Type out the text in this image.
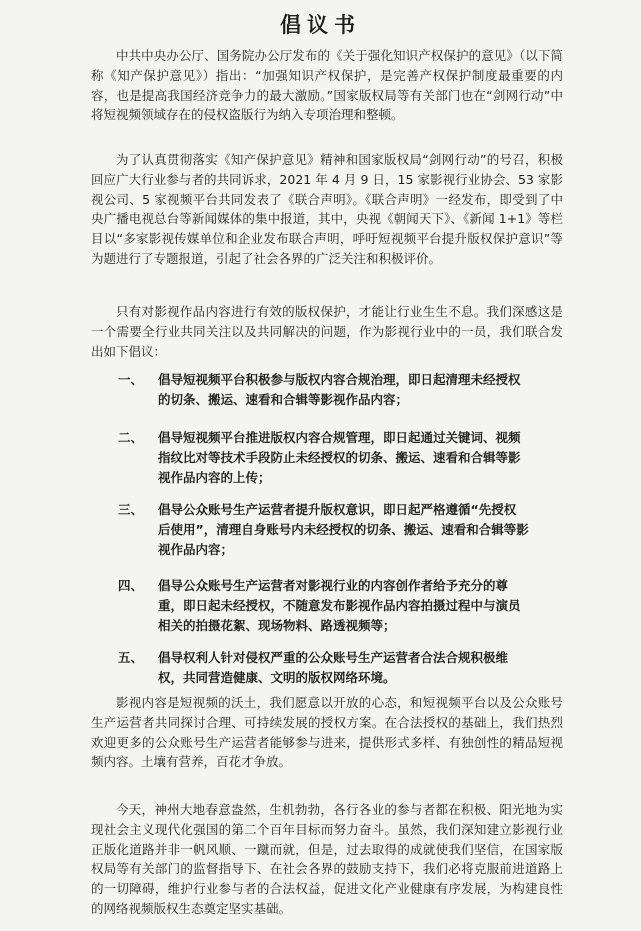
倡议书
中共中央办公厅、国务院办公厅发布的《关于强化知识产权保护的意见》（以下简称《知产保护意见》）指出：“加强知识产权保护，是完善产权保护制度最重要的内容，也是提高我国经济竞争力的最大激励。”国家版权局等有关部门也在“剑网行动”中将短视频领域存在的侵权盗版行为纳入专项治理和整顿。
为了认真贯彻落实《知产保护意见》精神和国家版权局“剑网行动”的号召，积极回应广大行业参与者的共同诉求，2021 年 4 月 9 日，15 家影视行业协会、53 家影视公司、5 家视频平台共同发表了《联合声明》。《联合声明》一经发布，即受到了中央广播电视总台等新闻媒体的集中报道，其中，央视《朝闻天下》、《新闻 1+1》等栏目以“多家影视传媒单位和企业发布联合声明，呼吁短视频平台提升版权保护意识”等为题进行了专题报道，引起了社会各界的广泛关注和积极评价。
只有对影视作品内容进行有效的版权保护，才能让行业生生不息。我们深感这是一个需要全行业共同关注以及共同解决的问题，作为影视行业中的一员，我们联合发出如下倡议：
一、 倡导短视频平台积极参与版权内容合规治理，即日起清理未经授权
的切条、搬运、速看和合辑等影视作品内容；
二、 倡导短视频平台推进版权内容合规管理，即日起通过关键词、视频
指纹比对等技术手段防止未经授权的切条、搬运、速看和合辑等影
视作品内容的上传；
三、 倡导公众账号生产运营者提升版权意识，即日起严格遵循“先授权
后使用”，清理自身账号内未经授权的切条、搬运、速看和合辑等影
视作品内容；
四、 倡导公众账号生产运营者对影视行业的内容创作者给予充分的尊
重，即日起未经授权，不随意发布影视作品内容拍摄过程中与演员
相关的拍摄花絮、现场物料、路透视频等；
五、 倡导权利人针对侵权严重的公众账号生产运营者合法合规积极维
权，共同营造健康、文明的版权网络环境。
影视内容是短视频的沃土，我们愿意以开放的心态，和短视频平台以及公众账号生产运营者共同探讨合理、可持续发展的授权方案。在合法授权的基础上，我们热烈欢迎更多的公众账号生产运营者能够参与进来，提供形式多样、有独创性的精品短视频内容。土壤有营养，百花才争放。
今天，神州大地春意盎然，生机勃勃，各行各业的参与者都在积极、阳光地为实现社会主义现代化强国的第二个百年目标而努力奋斗。虽然，我们深知建立影视行业正版化道路并非一帆风顺、一蹴而就，但是，过去取得的成就使我们坚信，在国家版权局等有关部门的监督指导下、在社会各界的鼓励支持下，我们必将克服前进道路上的一切障碍，维护行业参与者的合法权益，促进文化产业健康有序发展，为构建良性的网络视频版权生态奠定坚实基础。
